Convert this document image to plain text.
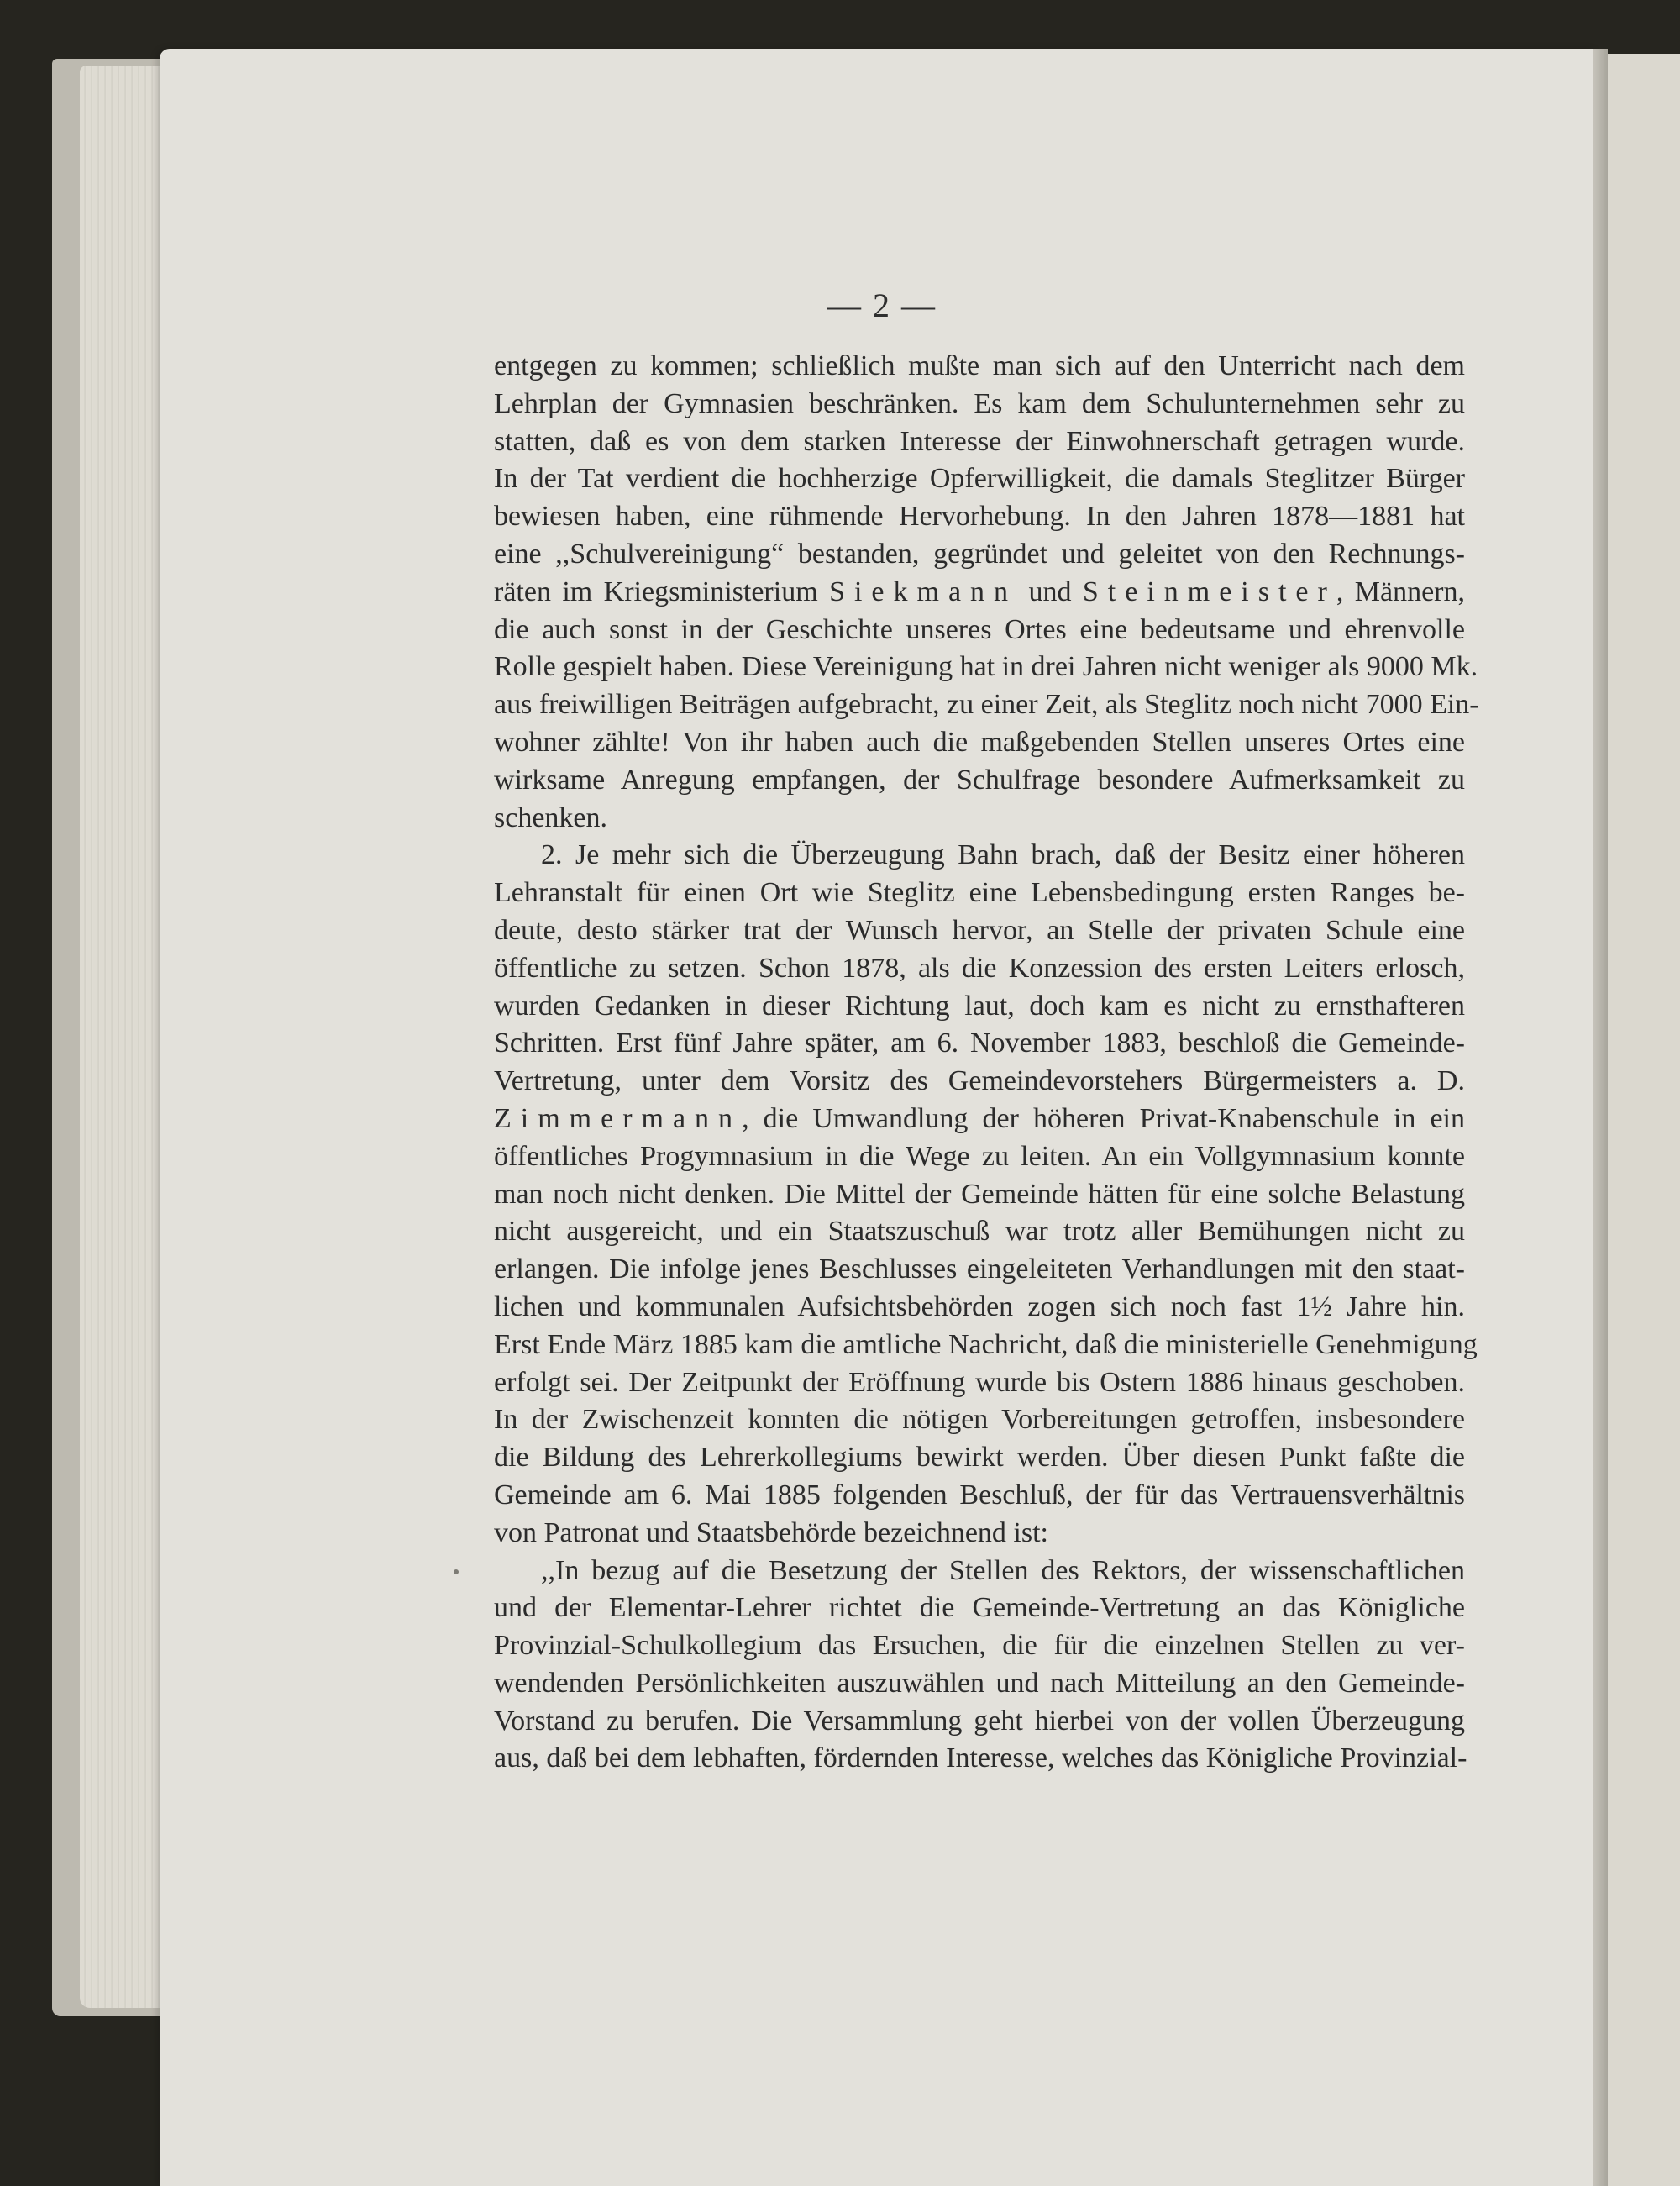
— 2 —
entgegen zu kommen; schließlich mußte man sich auf den Unterricht nach dem
Lehrplan der Gymnasien beschränken. Es kam dem Schulunternehmen sehr zu
statten, daß es von dem starken Interesse der Einwohnerschaft getragen wurde.
In der Tat verdient die hochherzige Opferwilligkeit, die damals Steglitzer Bürger
bewiesen haben, eine rühmende Hervorhebung. In den Jahren 1878—1881 hat
eine ,,Schulvereinigung“ bestanden, gegründet und geleitet von den Rechnungs-
räten im Kriegsministerium Siekmann und Steinmeister, Männern,
die auch sonst in der Geschichte unseres Ortes eine bedeutsame und ehrenvolle
Rolle gespielt haben. Diese Vereinigung hat in drei Jahren nicht weniger als 9000 Mk.
aus freiwilligen Beiträgen aufgebracht, zu einer Zeit, als Steglitz noch nicht 7000 Ein-
wohner zählte! Von ihr haben auch die maßgebenden Stellen unseres Ortes eine
wirksame Anregung empfangen, der Schulfrage besondere Aufmerksamkeit zu
schenken.
2. Je mehr sich die Überzeugung Bahn brach, daß der Besitz einer höheren
Lehranstalt für einen Ort wie Steglitz eine Lebensbedingung ersten Ranges be-
deute, desto stärker trat der Wunsch hervor, an Stelle der privaten Schule eine
öffentliche zu setzen. Schon 1878, als die Konzession des ersten Leiters erlosch,
wurden Gedanken in dieser Richtung laut, doch kam es nicht zu ernsthafteren
Schritten. Erst fünf Jahre später, am 6. November 1883, beschloß die Gemeinde-
Vertretung, unter dem Vorsitz des Gemeindevorstehers Bürgermeisters a. D.
Zimmermann, die Umwandlung der höheren Privat-Knabenschule in ein
öffentliches Progymnasium in die Wege zu leiten. An ein Vollgymnasium konnte
man noch nicht denken. Die Mittel der Gemeinde hätten für eine solche Belastung
nicht ausgereicht, und ein Staatszuschuß war trotz aller Bemühungen nicht zu
erlangen. Die infolge jenes Beschlusses eingeleiteten Verhandlungen mit den staat-
lichen und kommunalen Aufsichtsbehörden zogen sich noch fast 1½ Jahre hin.
Erst Ende März 1885 kam die amtliche Nachricht, daß die ministerielle Genehmigung
erfolgt sei. Der Zeitpunkt der Eröffnung wurde bis Ostern 1886 hinaus geschoben.
In der Zwischenzeit konnten die nötigen Vorbereitungen getroffen, insbesondere
die Bildung des Lehrerkollegiums bewirkt werden. Über diesen Punkt faßte die
Gemeinde am 6. Mai 1885 folgenden Beschluß, der für das Vertrauensverhältnis
von Patronat und Staatsbehörde bezeichnend ist:
,,In bezug auf die Besetzung der Stellen des Rektors, der wissenschaftlichen
und der Elementar-Lehrer richtet die Gemeinde-Vertretung an das Königliche
Provinzial-Schulkollegium das Ersuchen, die für die einzelnen Stellen zu ver-
wendenden Persönlichkeiten auszuwählen und nach Mitteilung an den Gemeinde-
Vorstand zu berufen. Die Versammlung geht hierbei von der vollen Überzeugung
aus, daß bei dem lebhaften, fördernden Interesse, welches das Königliche Provinzial-
